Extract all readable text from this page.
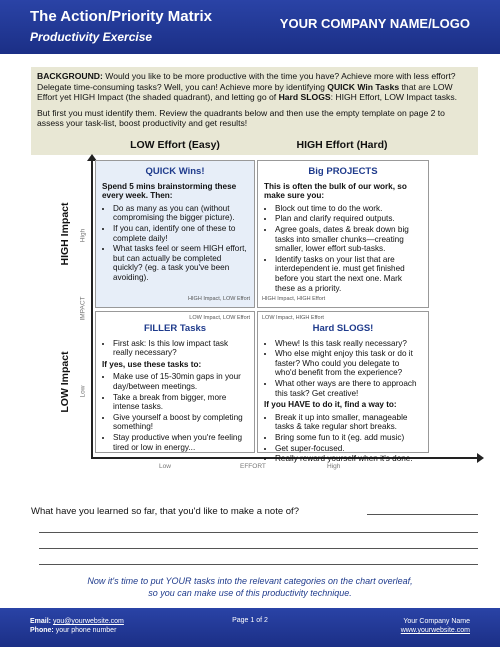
The Action/Priority Matrix
Productivity Exercise
YOUR COMPANY NAME/LOGO

BACKGROUND: Would you like to be more productive with the time you have? Achieve more with less effort? Delegate time-consuming tasks? Well, you can! Achieve more by identifying QUICK Win Tasks that are LOW Effort yet HIGH Impact (the shaded quadrant), and letting go of Hard SLOGS: HIGH Effort, LOW Impact tasks.

But first you must identify them. Review the quadrants below and then use the empty template on page 2 to assess your task-list, boost productivity and get results!

LOW Effort (Easy)	HIGH Effort (Hard)
HIGH Impact
LOW Impact
High
IMPACT
Low
Low	EFFORT	High
QUICK Wins!
Spend 5 mins brainstorming these every week. Then:
• Do as many as you can (without compromising the bigger picture).
• If you can, identify one of these to complete daily!
• What tasks feel or seem HIGH effort, but can actually be completed quickly? (eg. a task you've been avoiding).
HIGH Impact, LOW Effort
Big PROJECTS
This is often the bulk of our work, so make sure you:
• Block out time to do the work.
• Plan and clarify required outputs.
• Agree goals, dates & break down big tasks into smaller chunks—creating smaller, lower effort sub-tasks.
• Identify tasks on your list that are interdependent ie. must get finished before you start the next one. Mark these as a priority.
HIGH Impact, HIGH Effort
LOW Impact, LOW Effort
FILLER Tasks
• First ask: Is this low impact task really necessary?
If yes, use these tasks to:
• Make use of 15-30min gaps in your day/between meetings.
• Take a break from bigger, more intense tasks.
• Give yourself a boost by completing something!
• Stay productive when you're feeling tired or low in energy...
LOW Impact, HIGH Effort
Hard SLOGS!
• Whew! Is this task really necessary?
• Who else might enjoy this task or do it faster? Who could you delegate to who'd benefit from the experience?
• What other ways are there to approach this task? Get creative!
If you HAVE to do it, find a way to:
• Break it up into smaller, manageable tasks & take regular short breaks.
• Bring some fun to it (eg. add music)
• Get super-focused.
• Really reward yourself when it's done.
What have you learned so far, that you'd like to make a note of?
Now it's time to put YOUR tasks into the relevant categories on the chart overleaf,
so you can make use of this productivity technique.
Email: you@yourwebsite.com
Phone: your phone number
Page 1 of 2	Your Company Name
www.yourwebsite.com
